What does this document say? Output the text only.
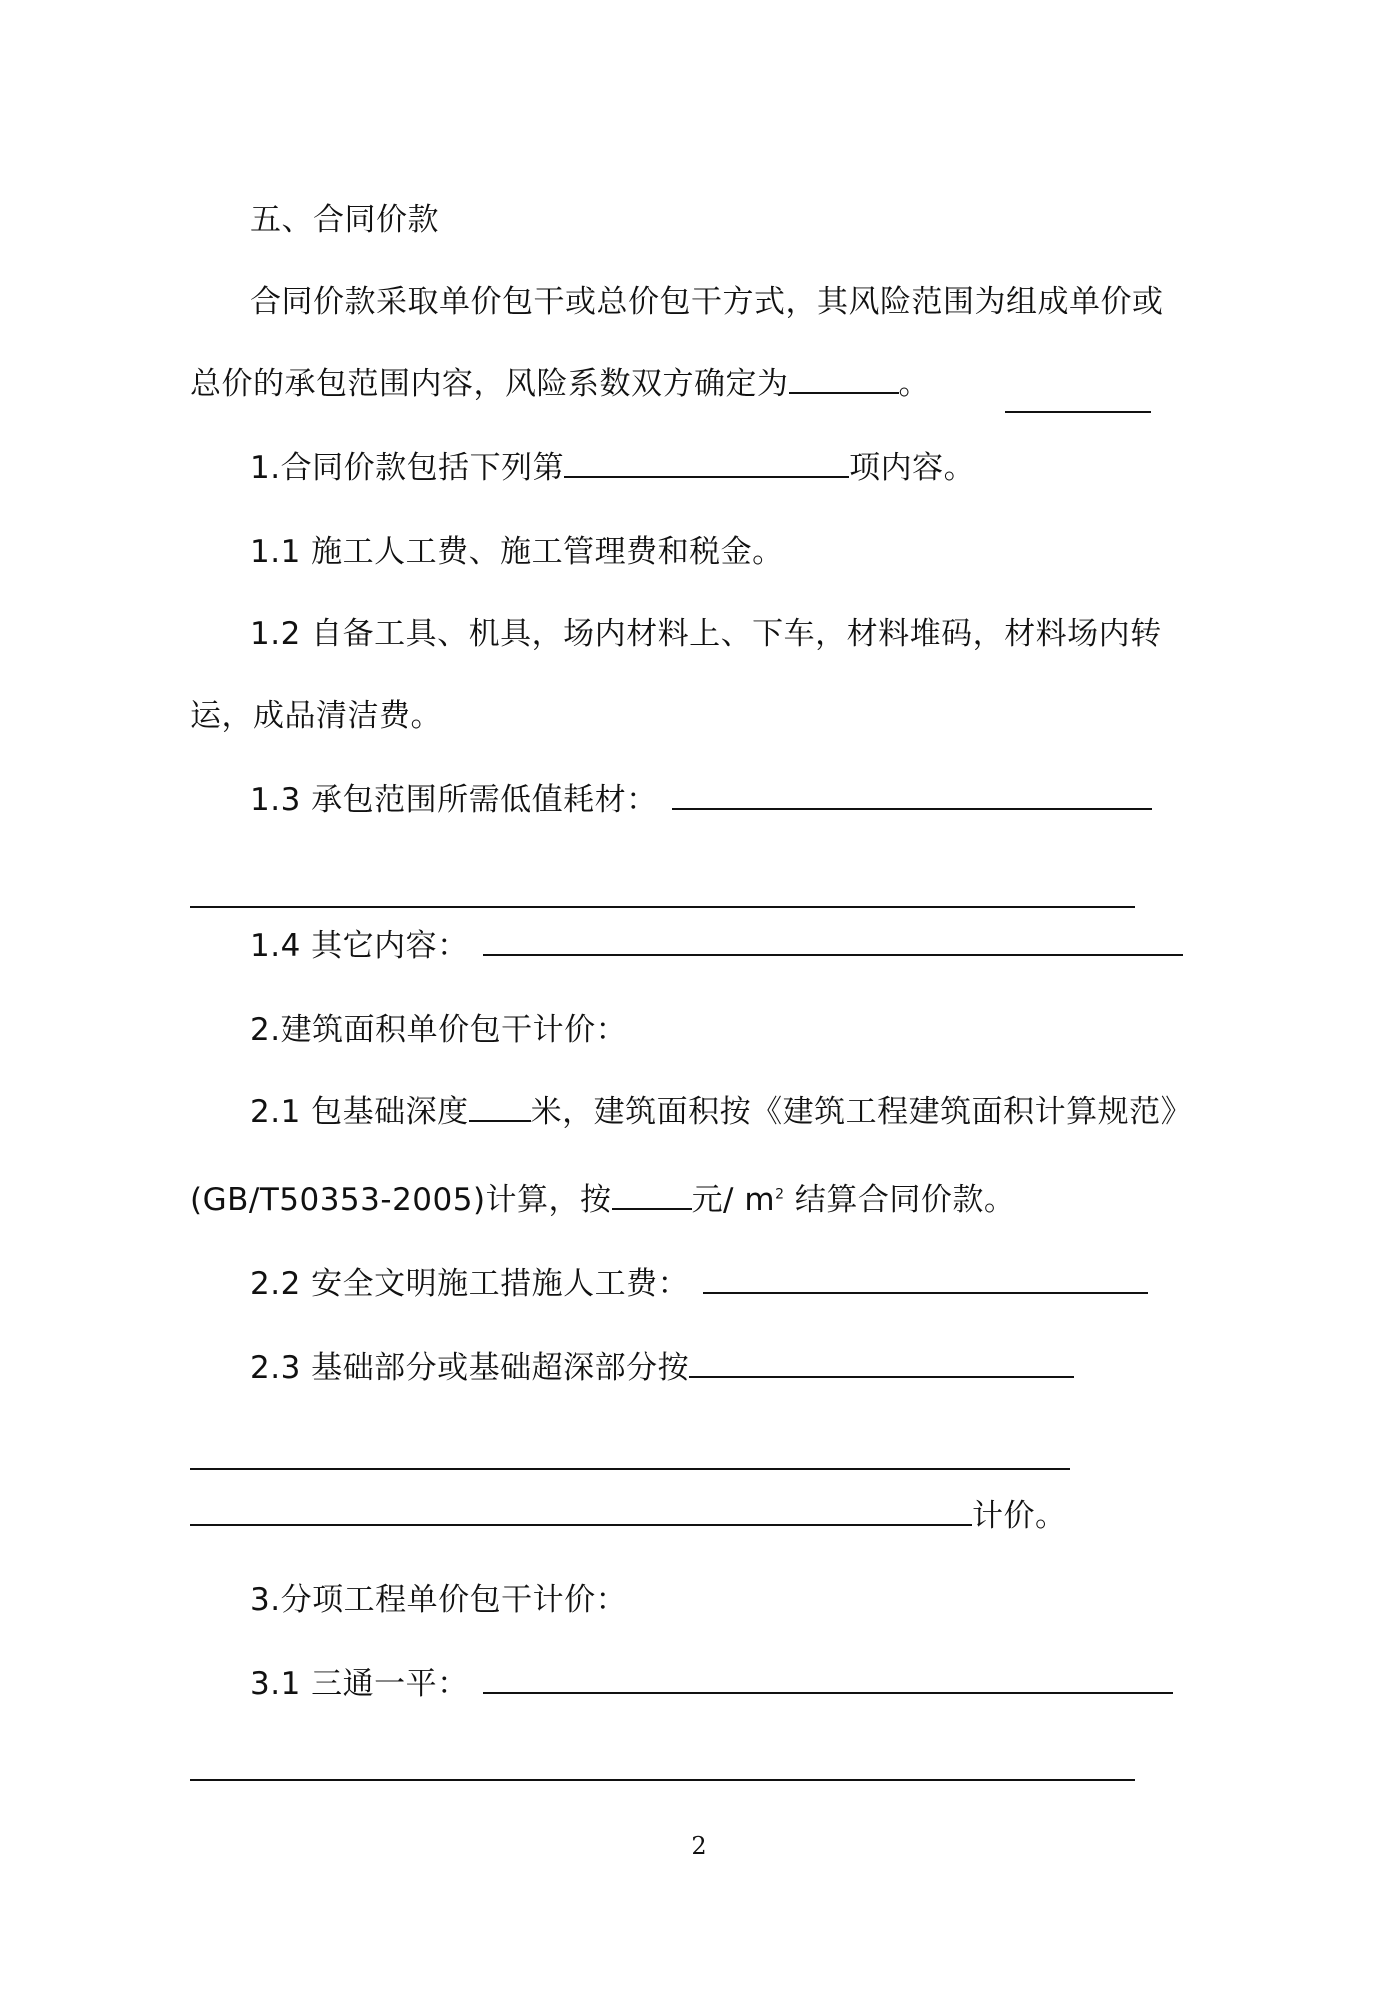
五、合同价款
合同价款采取单价包干或总价包干方式，其风险范围为组成单价或
总价的承包范围内容，风险系数双方确定为	。
1.合同价款包括下列第	项内容。
1.1 施工人工费、施工管理费和税金。
1.2 自备工具、机具，场内材料上、下车，材料堆码，材料场内转
运，成品清洁费。
1.3 承包范围所需低值耗材：
1.4 其它内容：
2.建筑面积单价包干计价：
2.1 包基础深度 米，建筑面积按《建筑工程建筑面积计算规范》
(GB/T50353-2005)计算，按	元/ $m^2$ 结算合同价款。
2.2 安全文明施工措施人工费：
2.3 基础部分或基础超深部分按
计价。
3.分项工程单价包干计价：
3.1 三通一平：
2
